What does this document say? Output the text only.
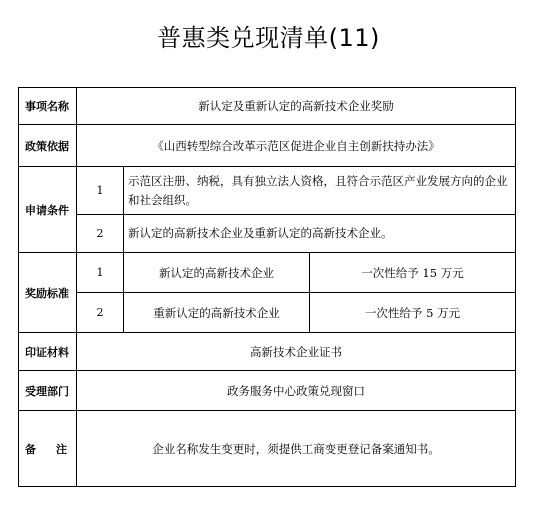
普惠类兑现清单(11)
事项名称	新认定及重新认定的高新技术企业奖励		
政策依据	《山西转型综合改革示范区促进企业自主创新扶持办法》		
申请条件	1	示范区注册、纳税，具有独立法人资格，且符合示范区产业发展方向的企业和社会组织。	
	2	新认定的高新技术企业及重新认定的高新技术企业。	
奖励标准	1	新认定的高新技术企业	一次性给予 15 万元
	2	重新认定的高新技术企业	一次性给予 5 万元
印证材料	高新技术企业证书		
受理部门	政务服务中心政策兑现窗口		

备 注	企业名称发生变更时，须提供工商变更登记备案通知书。		
